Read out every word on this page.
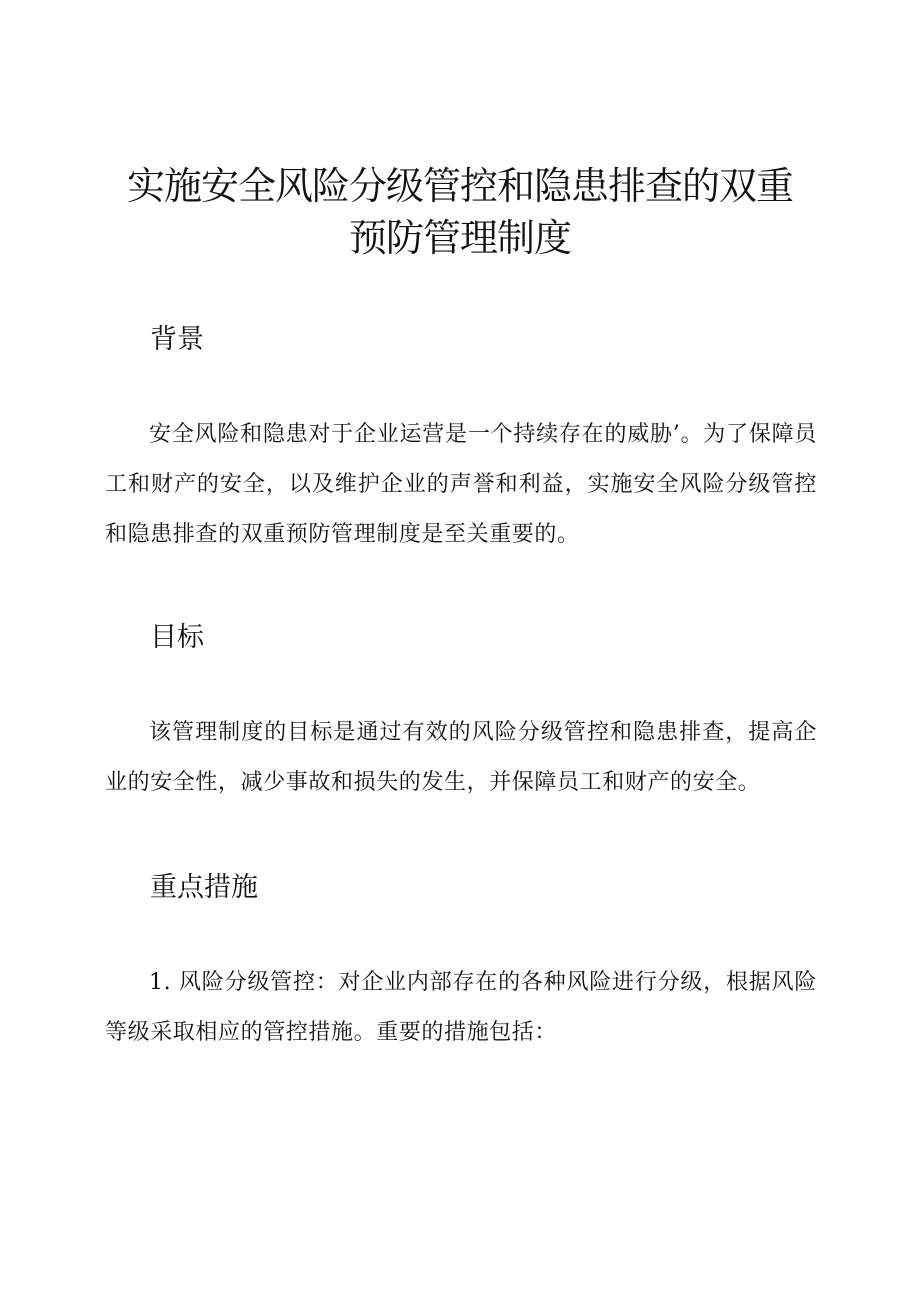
实施安全风险分级管控和隐患排查的双重预防管理制度
背景

安全风险和隐患对于企业运营是一个持续存在的威胁’。为了保障员工和财产的安全，以及维护企业的声誉和利益，实施安全风险分级管控和隐患排查的双重预防管理制度是至关重要的。

目标

该管理制度的目标是通过有效的风险分级管控和隐患排查，提高企业的安全性，减少事故和损失的发生，并保障员工和财产的安全。

重点措施

1. 风险分级管控：对企业内部存在的各种风险进行分级，根据风险等级采取相应的管控措施。重要的措施包括：
